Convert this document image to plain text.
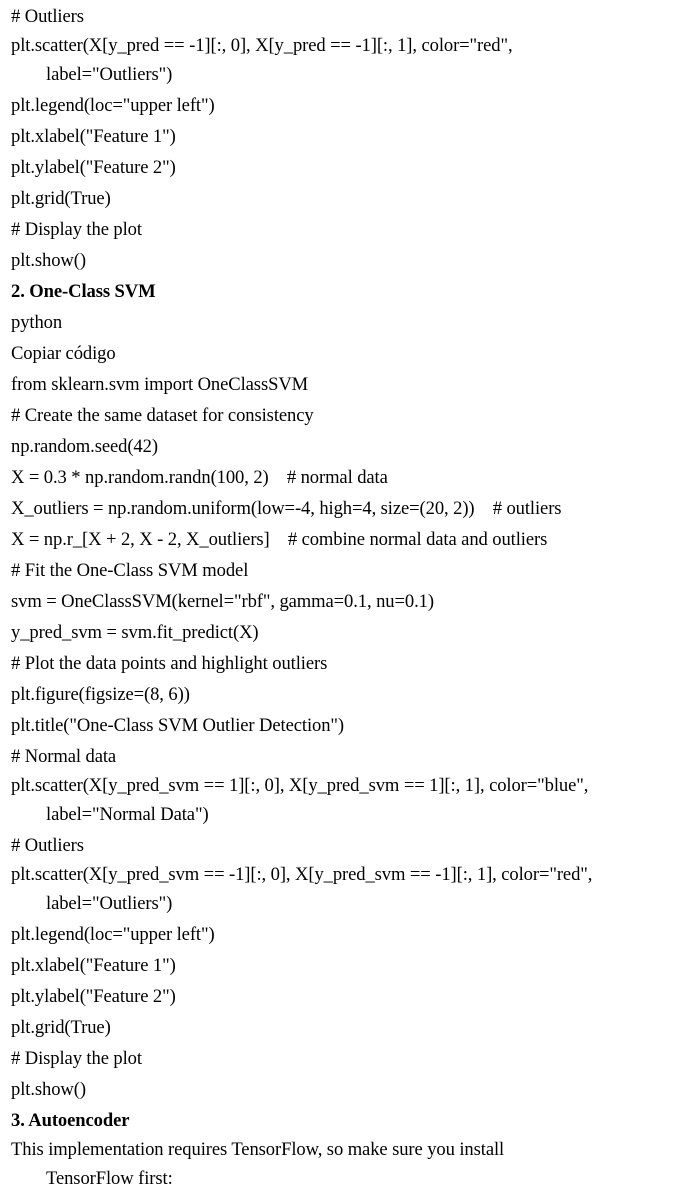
# Outliers
plt.scatter(X[y_pred == -1][:, 0], X[y_pred == -1][:, 1], color="red",
label="Outliers")
plt.legend(loc="upper left")
plt.xlabel("Feature 1")
plt.ylabel("Feature 2")
plt.grid(True)
# Display the plot
plt.show()
2. One-Class SVM
python
Copiar código
from sklearn.svm import OneClassSVM
# Create the same dataset for consistency
np.random.seed(42)
X = 0.3 * np.random.randn(100, 2)    # normal data
X_outliers = np.random.uniform(low=-4, high=4, size=(20, 2))    # outliers
X = np.r_[X + 2, X - 2, X_outliers]    # combine normal data and outliers
# Fit the One-Class SVM model
svm = OneClassSVM(kernel="rbf", gamma=0.1, nu=0.1)
y_pred_svm = svm.fit_predict(X)
# Plot the data points and highlight outliers
plt.figure(figsize=(8, 6))
plt.title("One-Class SVM Outlier Detection")
# Normal data
plt.scatter(X[y_pred_svm == 1][:, 0], X[y_pred_svm == 1][:, 1], color="blue",
label="Normal Data")
# Outliers
plt.scatter(X[y_pred_svm == -1][:, 0], X[y_pred_svm == -1][:, 1], color="red",
label="Outliers")
plt.legend(loc="upper left")
plt.xlabel("Feature 1")
plt.ylabel("Feature 2")
plt.grid(True)
# Display the plot
plt.show()
3. Autoencoder
This implementation requires TensorFlow, so make sure you install
TensorFlow first:
